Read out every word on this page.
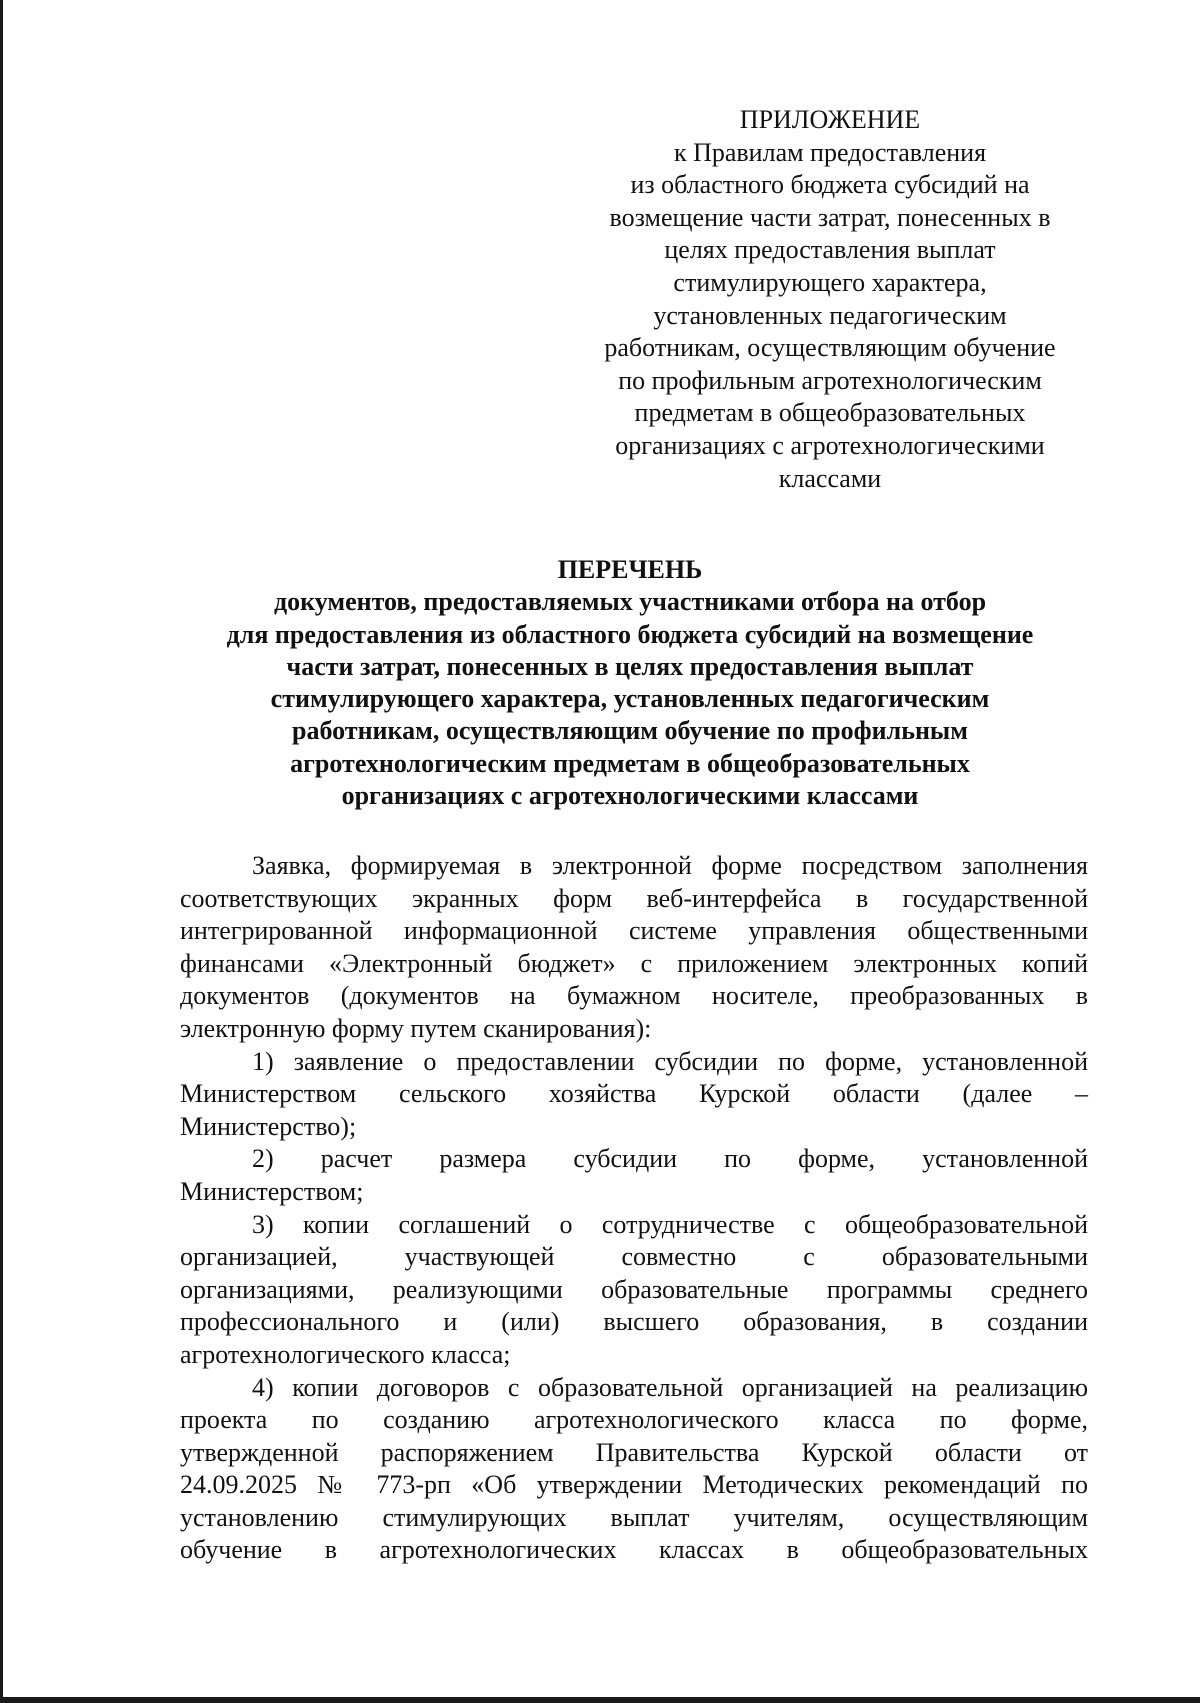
ПРИЛОЖЕНИЕ
к Правилам предоставления
из областного бюджета субсидий на
возмещение части затрат, понесенных в
целях предоставления выплат
стимулирующего характера,
установленных педагогическим
работникам, осуществляющим обучение
по профильным агротехнологическим
предметам в общеобразовательных
организациях с агротехнологическими
классами
ПЕРЕЧЕНЬ
документов, предоставляемых участниками отбора на отбор
для предоставления из областного бюджета субсидий на возмещение
части затрат, понесенных в целях предоставления выплат
стимулирующего характера, установленных педагогическим
работникам, осуществляющим обучение по профильным
агротехнологическим предметам в общеобразовательных
организациях с агротехнологическими классами
Заявка, формируемая в электронной форме посредством заполнения
соответствующих экранных форм веб-интерфейса в государственной
интегрированной информационной системе управления общественными
финансами «Электронный бюджет» с приложением электронных копий
документов (документов на бумажном носителе, преобразованных в
электронную форму путем сканирования):
1) заявление о предоставлении субсидии по форме, установленной
Министерством сельского хозяйства Курской области (далее –
Министерство);
2) расчет размера субсидии по форме, установленной
Министерством;
3) копии соглашений о сотрудничестве с общеобразовательной
организацией, участвующей совместно с образовательными
организациями, реализующими образовательные программы среднего
профессионального и (или) высшего образования, в создании
агротехнологического класса;
4) копии договоров с образовательной организацией на реализацию
проекта по созданию агротехнологического класса по форме,
утвержденной распоряжением Правительства Курской области от
24.09.2025 № 773-рп «Об утверждении Методических рекомендаций по
установлению стимулирующих выплат учителям, осуществляющим
обучение в агротехнологических классах в общеобразовательных
